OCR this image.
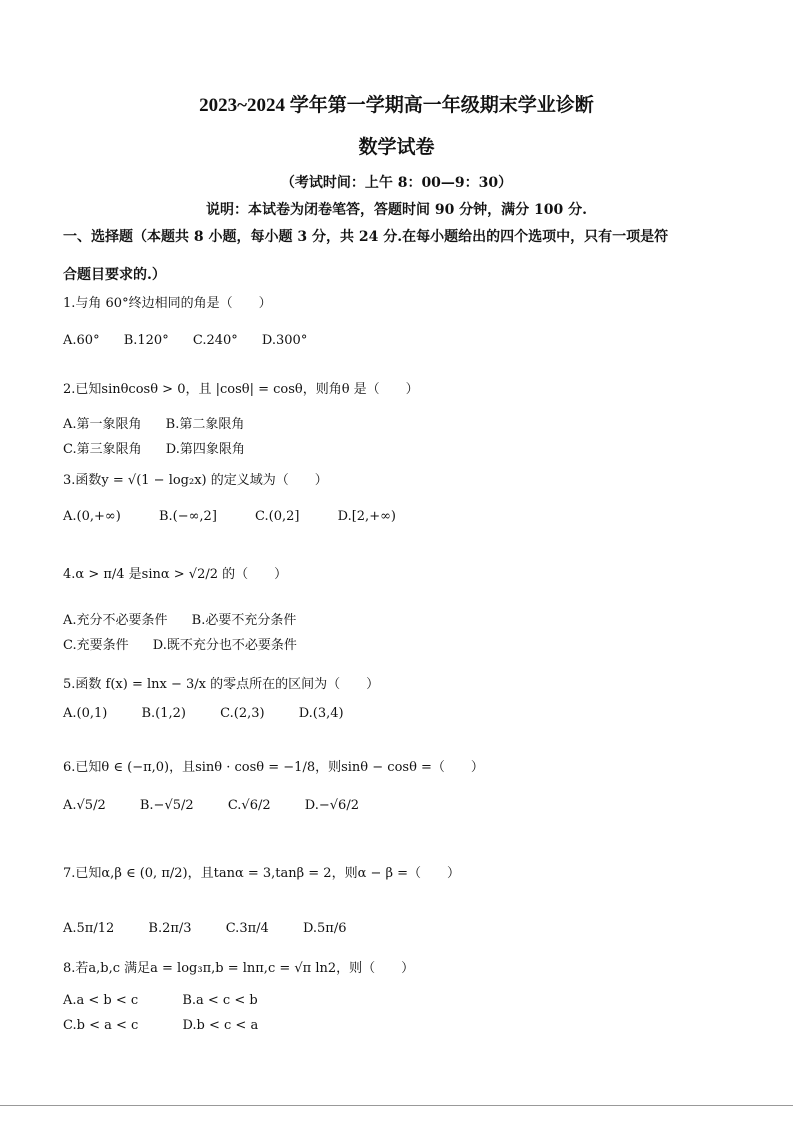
2023~2024 学年第一学期高一年级期末学业诊断
数学试卷
（考试时间：上午 8：00—9：30）
说明：本试卷为闭卷笔答，答题时间 90 分钟，满分 100 分.
一、选择题（本题共 8 小题，每小题 3 分，共 24 分.在每小题给出的四个选项中，只有一项是符
合题目要求的.）
1.与角 60°终边相同的角是（　　）
A.60° B.120° C.240° D.300°
2.已知sinθcosθ > 0，且 |cosθ| = cosθ，则角θ 是（　　）
A.第一象限角 B.第二象限角
C.第三象限角 D.第四象限角
3.函数y = √(1 − log₂x) 的定义域为（　　）
A.(0,+∞)	B.(−∞,2]	C.(0,2]	D.[2,+∞)
4.α > π/4 是sinα > √2/2 的（　　）
A.充分不必要条件 B.必要不充分条件
C.充要条件 D.既不充分也不必要条件
5.函数 f(x) = lnx − 3/x 的零点所在的区间为（　　）
A.(0,1)	B.(1,2)	C.(2,3)	D.(3,4)
6.已知θ ∈ (−π,0)，且sinθ · cosθ = −1/8，则sinθ − cosθ =（　　）
A.√5/2	B.−√5/2	C.√6/2	D.−√6/2
7.已知α,β ∈ (0, π/2)，且tanα = 3,tanβ = 2，则α − β =（　　）
A.5π/12	B.2π/3	C.3π/4	D.5π/6
8.若a,b,c 满足a = log₃π,b = lnπ,c = √π ln2，则（　　）
A.a < b < c	B.a < c < b
C.b < a < c	D.b < c < a
